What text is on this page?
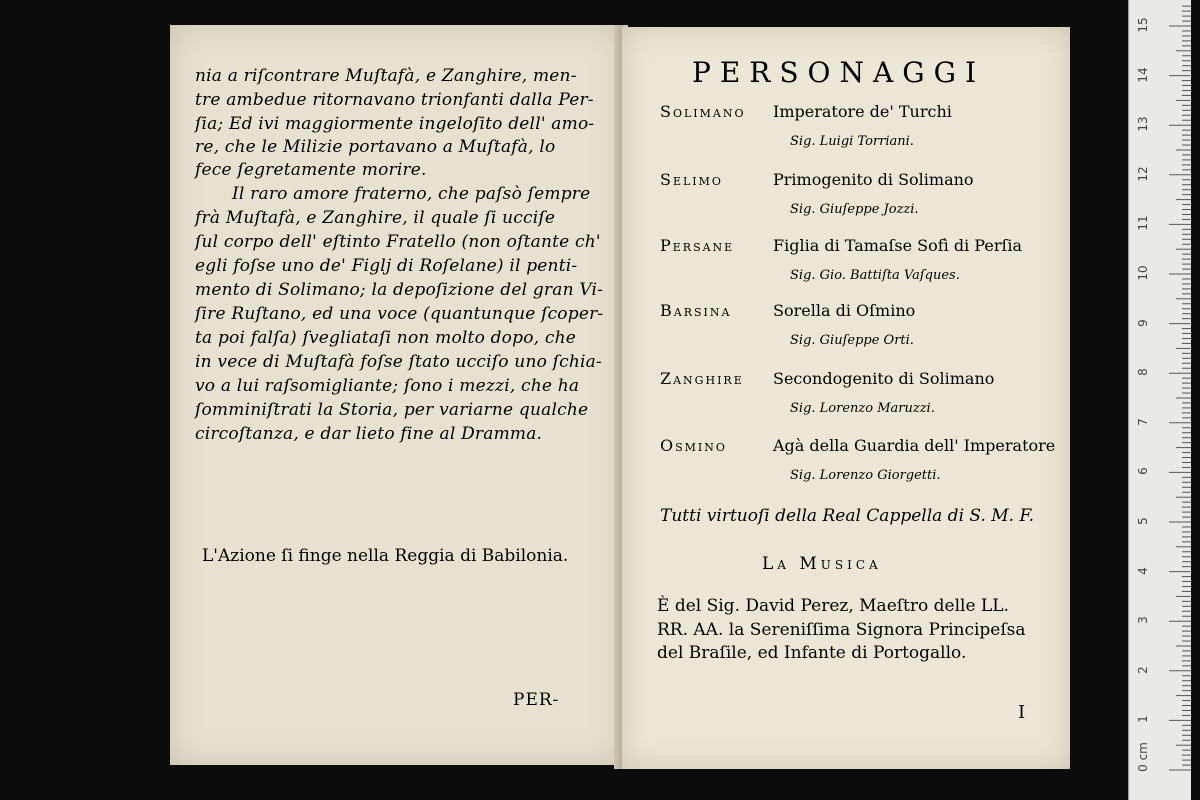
nia a riſcontrare Muſtafà, e Zanghire, men-
tre ambedue ritornavano trionfanti dalla Per-
ſia; Ed ivi maggiormente ingeloſito dell' amo-
re, che le Milizie portavano a Muſtafà, lo
fece ſegretamente morire.
Il raro amore fraterno, che paſsò ſempre
frà Muſtafà, e Zanghire, il quale ſi ucciſe
ſul corpo dell' eſtinto Fratello (non oſtante ch'
egli foſse uno de' Figlj di Roſelane) il penti-
mento di Solimano; la depoſizione del gran Vi-
ſire Ruſtano, ed una voce (quantunque ſcoper-
ta poi falſa) ſvegliataſi non molto dopo, che
in vece di Muſtafà foſse ſtato ucciſo uno ſchia-
vo a lui raſsomigliante; ſono i mezzi, che ha
ſomminiſtrati la Storia, per variarne qualche
circoſtanza, e dar lieto fine al Dramma.
L'Azione ſi finge nella Reggia di Babilonia.
PER-
PERSONAGGI
Solimano Imperatore de' Turchi
Sig. Luigi Torriani.
Selimo	Primogenito di Solimano
Sig. Giuſeppe Jozzi.
Persane Figlia di Tamaſse Sofì di Perſia
Sig. Gio. Battiſta Vaſques.
Barsina	Sorella di Oſmino
Sig. Giuſeppe Orti.
Zanghire Secondogenito di Solimano
Sig. Lorenzo Maruzzi.
Osmino	Agà della Guardia dell' Imperatore
Sig. Lorenzo Giorgetti.
Tutti virtuoſi della Real Cappella di S. M. F.
La Musica
È del Sig. David Perez, Maeſtro delle LL.
RR. AA. la Sereniſſima Signora Principeſsa
del Braſile, ed Infante di Portogallo.
I
0 cm
1
2
3
4
5
6
7
8
9
10
11
12
13
14
15
